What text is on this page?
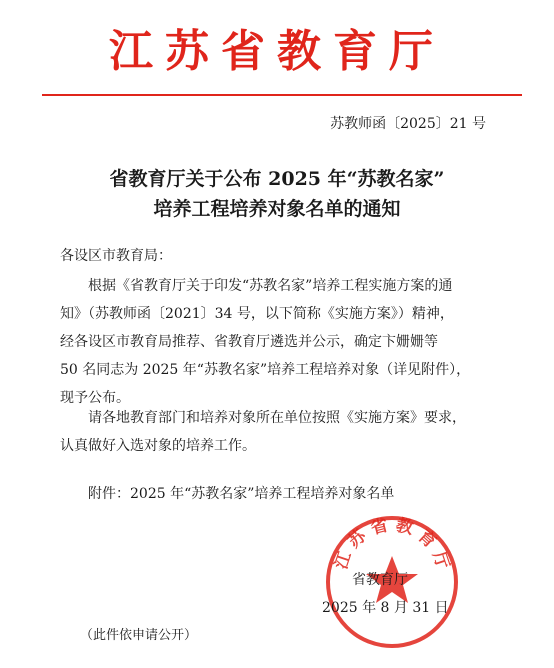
江苏省教育厅
苏教师函〔2025〕21 号
省教育厅关于公布 2025 年“苏教名家”
培养工程培养对象名单的通知
各设区市教育局：
根据《省教育厅关于印发“苏教名家”培养工程实施方案的通
知》（苏教师函〔2021〕34 号，以下简称《实施方案》）精神，
经各设区市教育局推荐、省教育厅遴选并公示，确定卞姗姗等
50 名同志为 2025 年“苏教名家”培养工程培养对象（详见附件），
现予公布。
请各地教育部门和培养对象所在单位按照《实施方案》要求，
认真做好入选对象的培养工作。
附件：2025 年“苏教名家”培养工程培养对象名单
江 苏 省 教 育 厅
省教育厅
2025 年 8 月 31 日
（此件依申请公开）
